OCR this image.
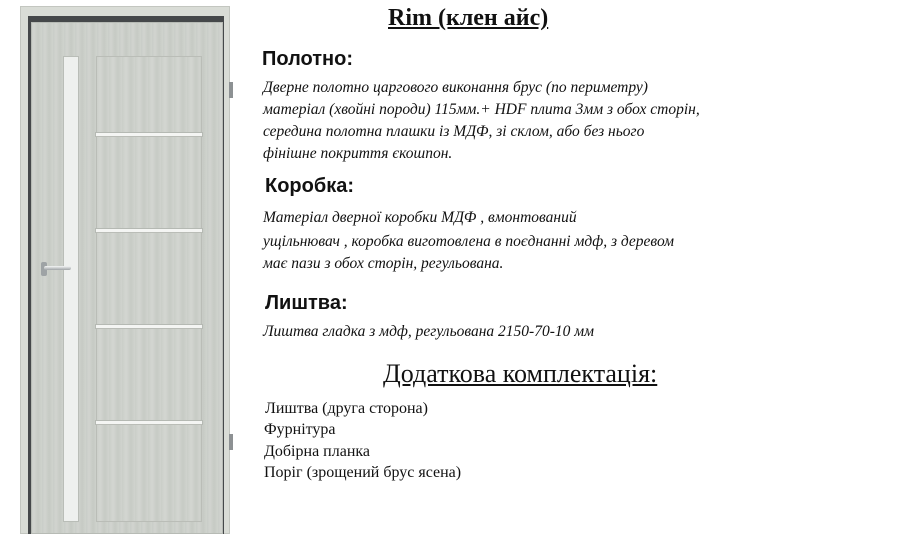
Rim (клен айс)
Полотно:
Дверне полотно царгового виконання брус (по периметру)
матеріал (хвойні породи) 115мм.+ HDF плита 3мм з обох сторін,
середина полотна плашки із МДФ, зі склом, або без нього
фінішне покриття єкошпон.
Коробка:
Матеріал дверної коробки МДФ , вмонтований
ущільнювач , коробка виготовлена в поєднанні мдф, з деревом
має пази з обох сторін, регульована.
Лиштва:
Лиштва гладка з мдф, регульована 2150-70-10 мм
Додаткова комплектація:
Лиштва (друга сторона)
Фурнітура
Добірна планка
Поріг (зрощений брус ясена)
